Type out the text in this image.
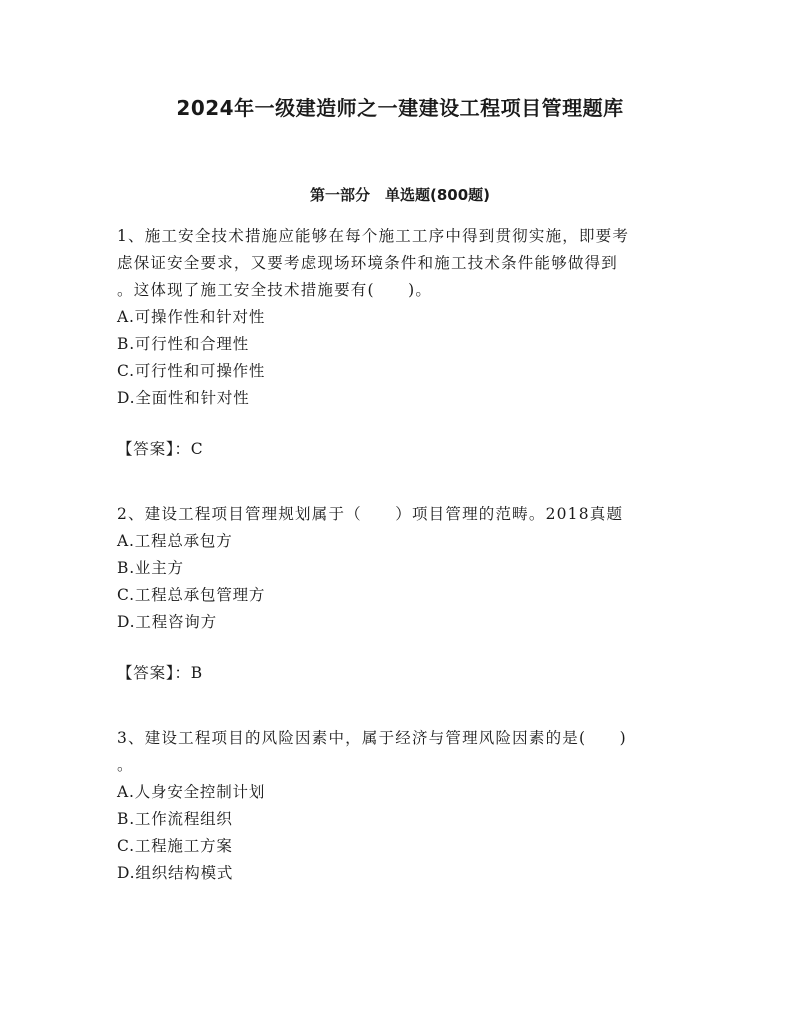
2024年一级建造师之一建建设工程项目管理题库
第一部分　单选题(800题)
1、施工安全技术措施应能够在每个施工工序中得到贯彻实施，即要考
虑保证安全要求，又要考虑现场环境条件和施工技术条件能够做得到
。这体现了施工安全技术措施要有(　　)。
A.可操作性和针对性
B.可行性和合理性
C.可行性和可操作性
D.全面性和针对性
【答案】：C
2、建设工程项目管理规划属于（　　）项目管理的范畴。2018真题
A.工程总承包方
B.业主方
C.工程总承包管理方
D.工程咨询方
【答案】：B
3、建设工程项目的风险因素中，属于经济与管理风险因素的是(　　)
。
A.人身安全控制计划
B.工作流程组织
C.工程施工方案
D.组织结构模式
